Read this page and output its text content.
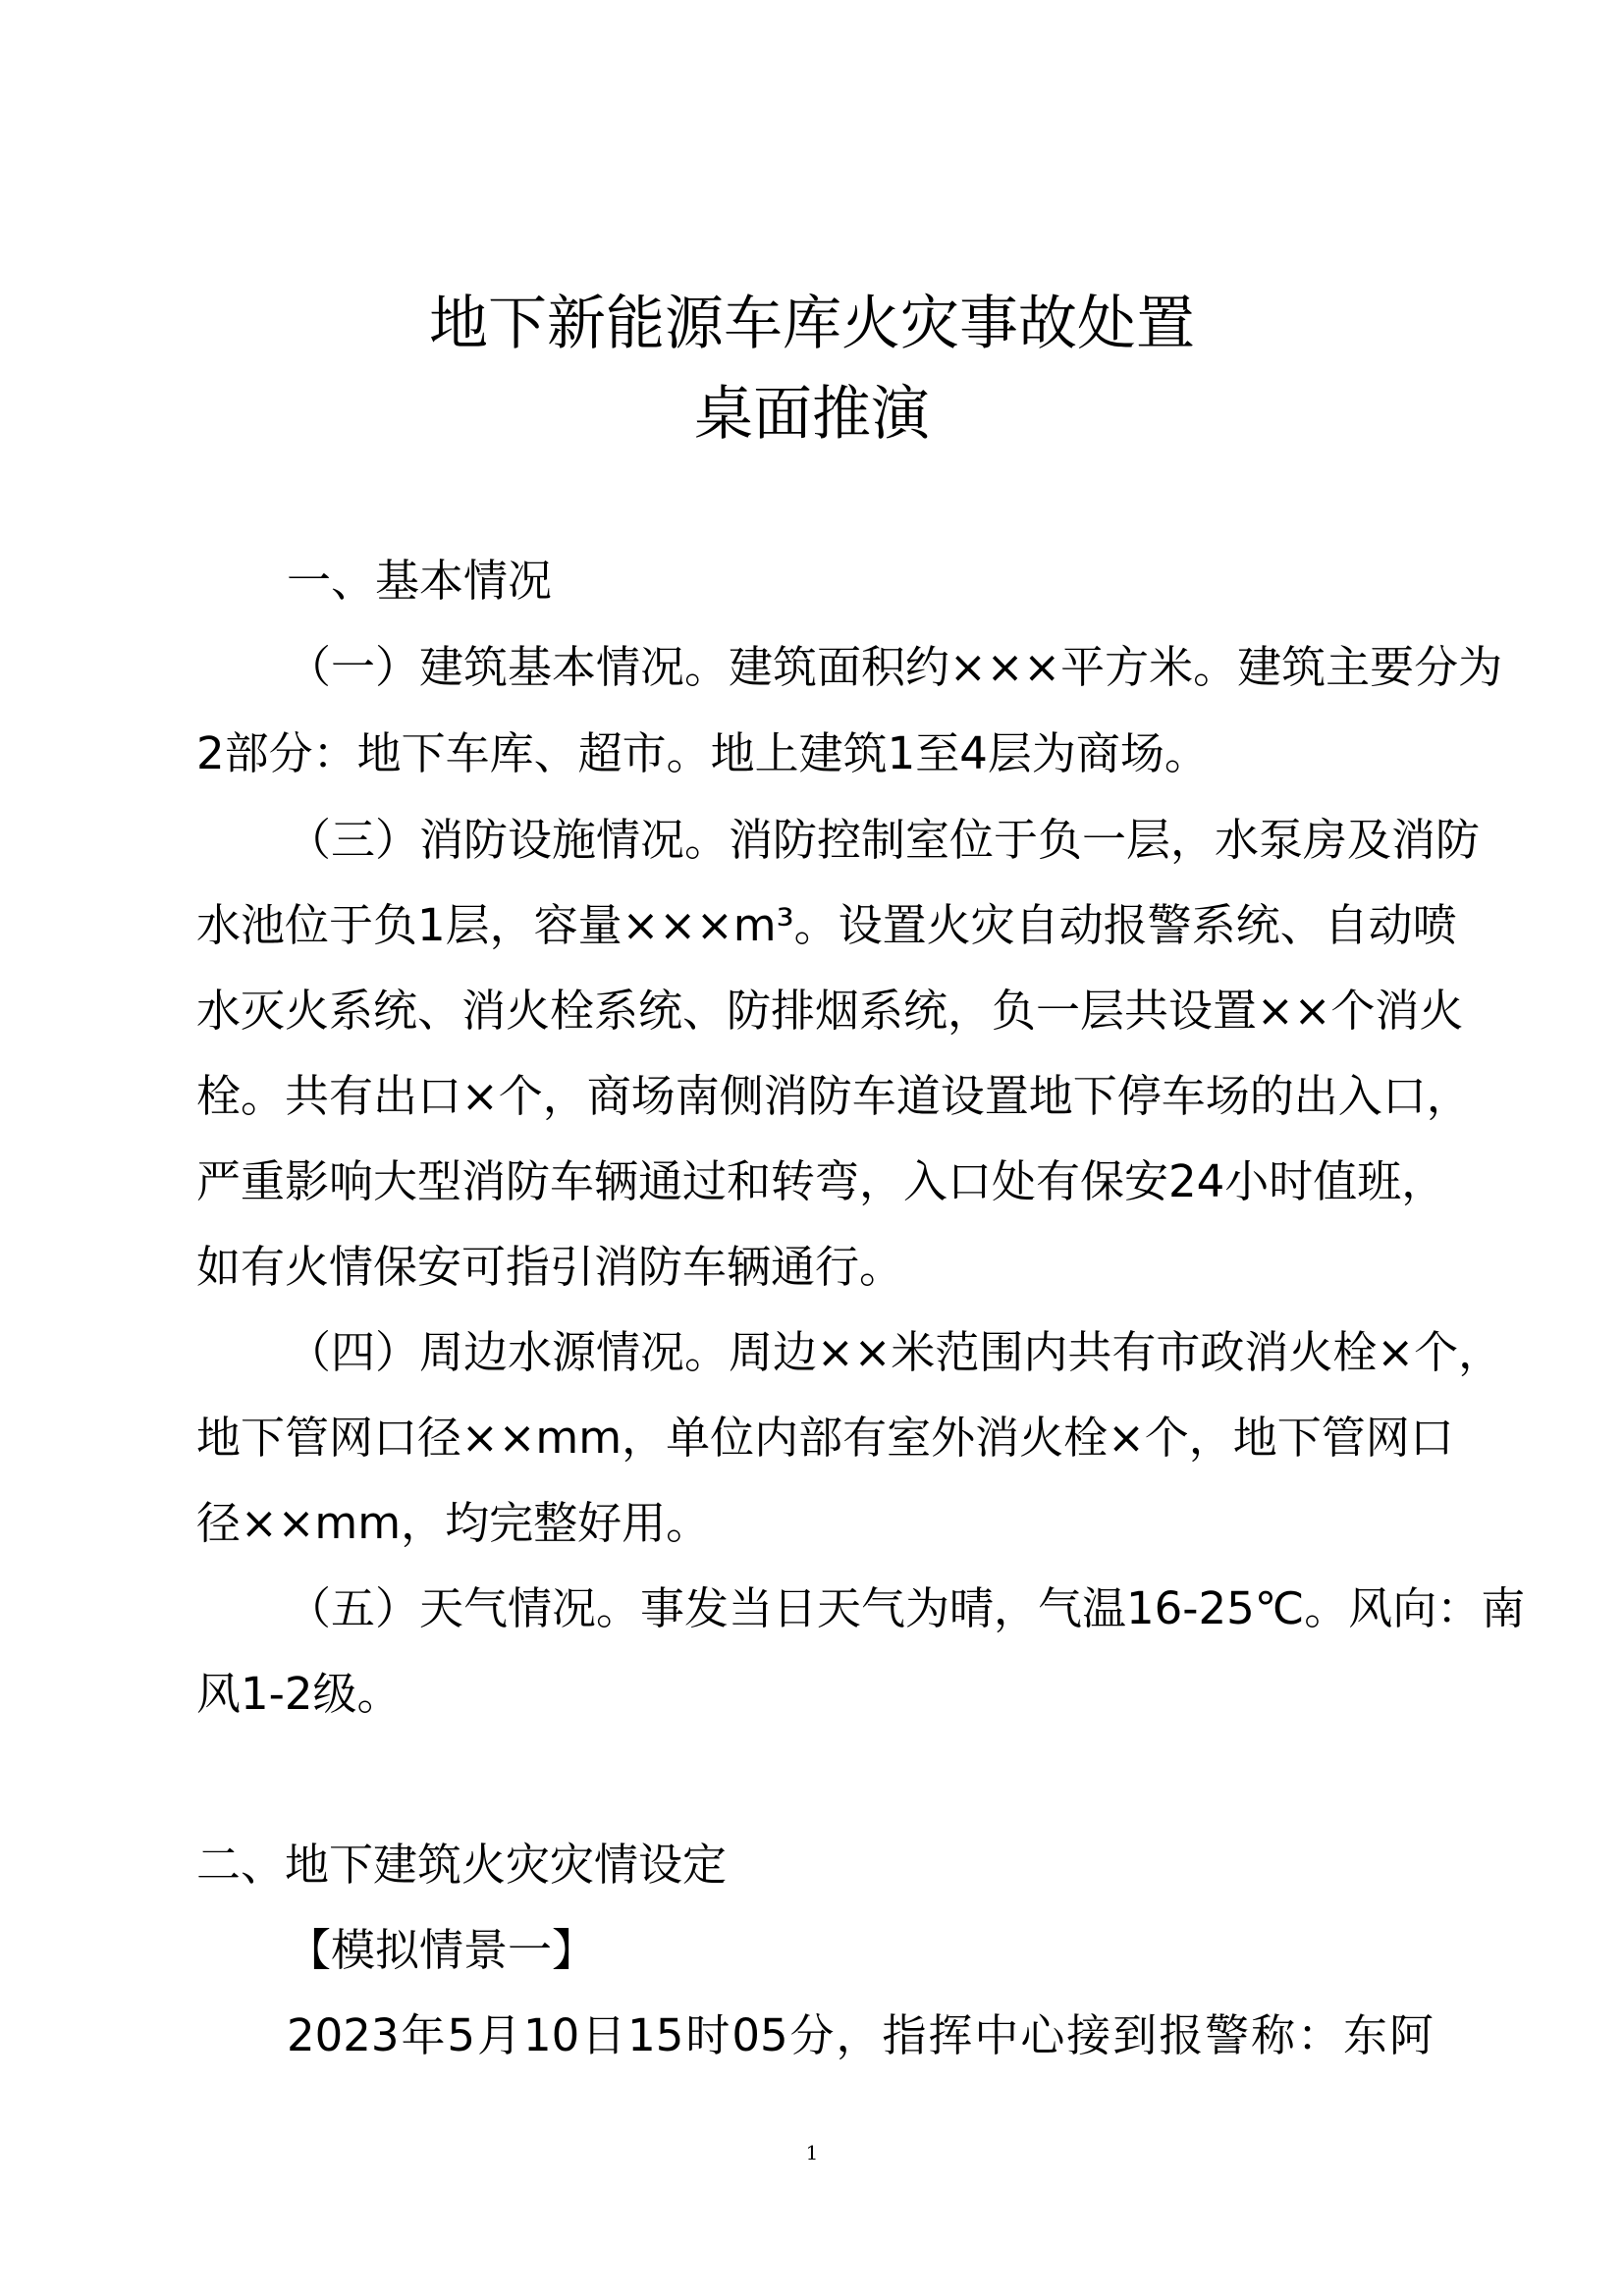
地下新能源车库火灾事故处置
桌面推演
一、基本情况
（一）建筑基本情况。建筑面积约×××平方米。建筑主要分为
2部分：地下车库、超市。地上建筑1至4层为商场。
（三）消防设施情况。消防控制室位于负一层，水泵房及消防
水池位于负1层，容量×××m³。设置火灾自动报警系统、自动喷
水灭火系统、消火栓系统、防排烟系统，负一层共设置××个消火
栓。共有出口×个，商场南侧消防车道设置地下停车场的出入口，
严重影响大型消防车辆通过和转弯，入口处有保安24小时值班，
如有火情保安可指引消防车辆通行。
（四）周边水源情况。周边××米范围内共有市政消火栓×个，
地下管网口径××mm，单位内部有室外消火栓×个，地下管网口
径××mm，均完整好用。
（五）天气情况。事发当日天气为晴，气温16-25℃。风向：南
风1-2级。
二、地下建筑火灾灾情设定
【模拟情景一】
2023年5月10日15时05分，指挥中心接到报警称：东阿
1
